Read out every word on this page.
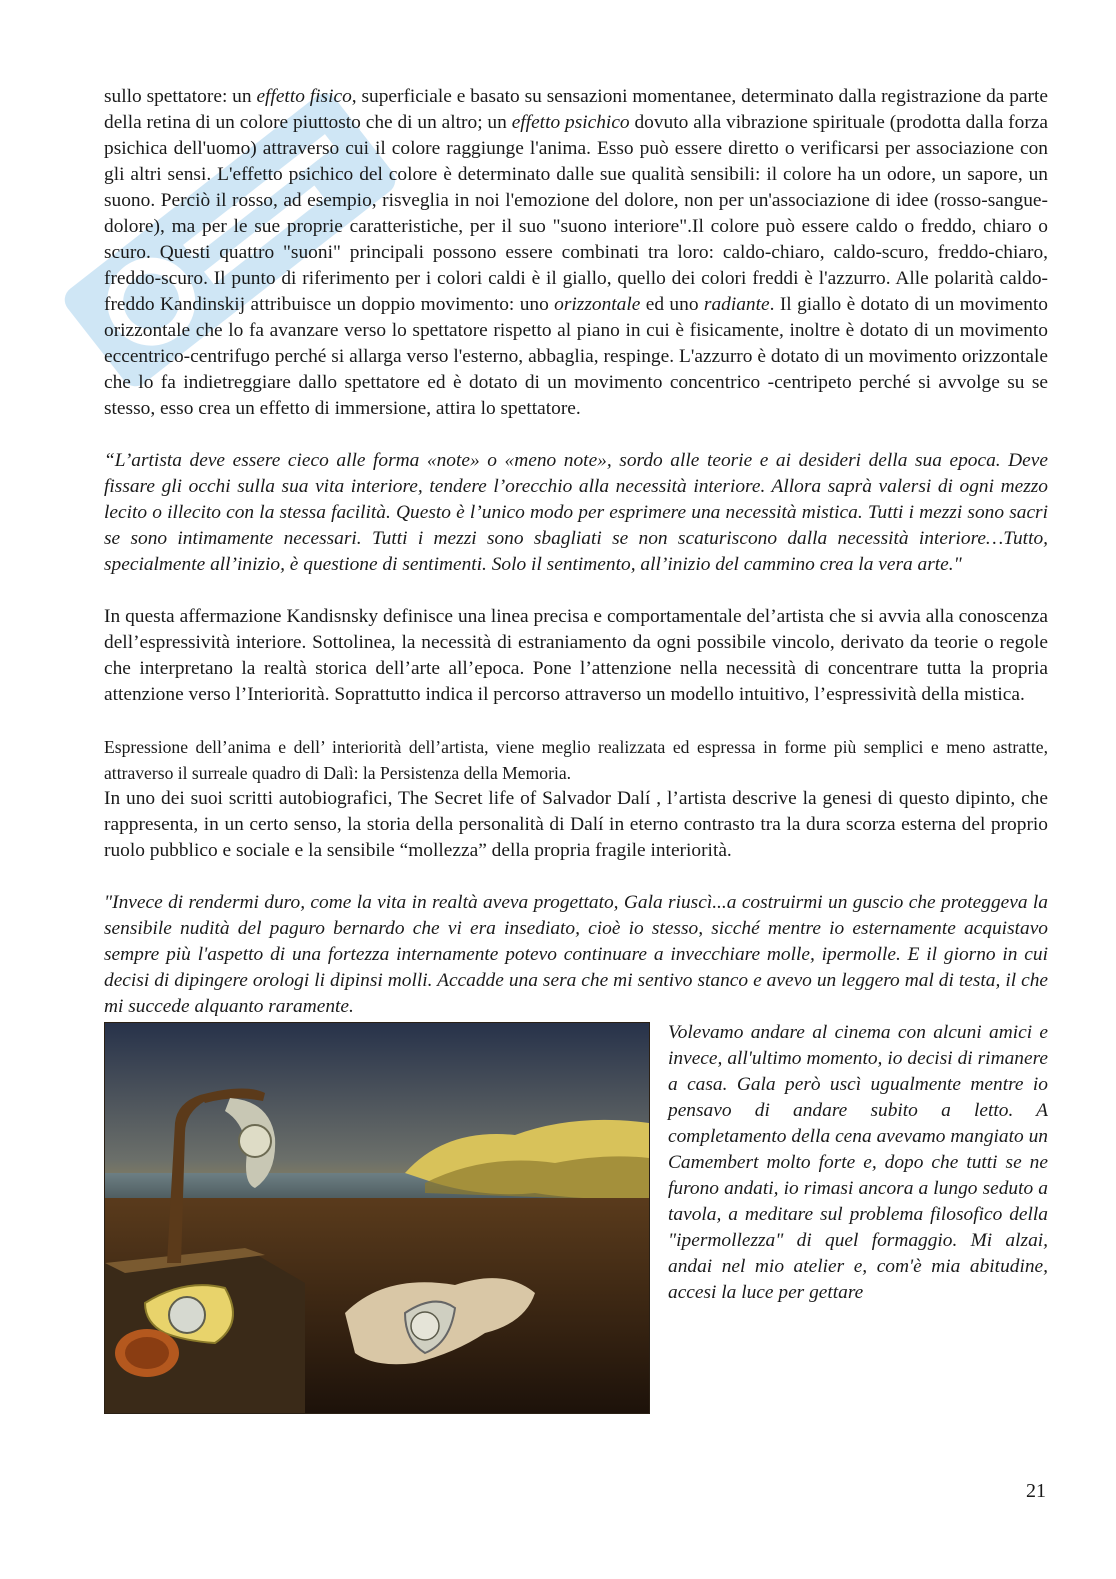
sullo spettatore: un effetto fisico, superficiale e basato su sensazioni momentanee, determinato dalla registrazione da parte della retina di un colore piuttosto che di un altro; un effetto psichico dovuto alla vibrazione spirituale (prodotta dalla forza psichica dell'uomo) attraverso cui il colore raggiunge l'anima. Esso può essere diretto o verificarsi per associazione con gli altri sensi. L'effetto psichico del colore è determinato dalle sue qualità sensibili: il colore ha un odore, un sapore, un suono. Perciò il rosso, ad esempio, risveglia in noi l'emozione del dolore, non per un'associazione di idee (rosso-sangue-dolore), ma per le sue proprie caratteristiche, per il suo "suono interiore".Il colore può essere caldo o freddo, chiaro o scuro. Questi quattro "suoni" principali possono essere combinati tra loro: caldo-chiaro, caldo-scuro, freddo-chiaro, freddo-scuro. Il punto di riferimento per i colori caldi è il giallo, quello dei colori freddi è l'azzurro. Alle polarità caldo-freddo Kandinskij attribuisce un doppio movimento: uno orizzontale ed uno radiante. Il giallo è dotato di un movimento orizzontale che lo fa avanzare verso lo spettatore rispetto al piano in cui è fisicamente, inoltre è dotato di un movimento eccentrico-centrifugo perché si allarga verso l'esterno, abbaglia, respinge. L'azzurro è dotato di un movimento orizzontale che lo fa indietreggiare dallo spettatore ed è dotato di un movimento concentrico -centripeto perché si avvolge su se stesso, esso crea un effetto di immersione, attira lo spettatore.

“L’artista deve essere cieco alle forma «note» o «meno note», sordo alle teorie e ai desideri della sua epoca. Deve fissare gli occhi sulla sua vita interiore, tendere l’orecchio alla necessità interiore. Allora saprà valersi di ogni mezzo lecito o illecito con la stessa facilità. Questo è l’unico modo per esprimere una necessità mistica. Tutti i mezzi sono sacri se sono intimamente necessari. Tutti i mezzi sono sbagliati se non scaturiscono dalla necessità interiore…Tutto, specialmente all’inizio, è questione di sentimenti. Solo il sentimento, all’inizio del cammino crea la vera arte."

In questa affermazione Kandisnsky definisce una linea precisa e comportamentale del’artista che si avvia alla conoscenza dell’espressività interiore. Sottolinea, la necessità di estraniamento da ogni possibile vincolo, derivato da teorie o regole che interpretano la realtà storica dell’arte all’epoca. Pone l’attenzione nella necessità di concentrare tutta la propria attenzione verso l’Interiorità. Soprattutto indica il percorso attraverso un modello intuitivo, l’espressività della mistica.

Espressione dell’anima e dell’ interiorità dell’artista, viene meglio realizzata ed espressa in forme più semplici e meno astratte, attraverso il surreale quadro di Dalì: la Persistenza della Memoria.

In uno dei suoi scritti autobiografici, The Secret life of Salvador Dalí , l’artista descrive la genesi di questo dipinto, che rappresenta, in un certo senso, la storia della personalità di Dalí in eterno contrasto tra la dura scorza esterna del proprio ruolo pubblico e sociale e la sensibile “mollezza” della propria fragile interiorità.

"Invece di rendermi duro, come la vita in realtà aveva progettato, Gala riuscì...a costruirmi un guscio che proteggeva la sensibile nudità del paguro bernardo che vi era insediato, cioè io stesso, sicché mentre io esternamente acquistavo sempre più l'aspetto di una fortezza internamente potevo continuare a invecchiare molle, ipermolle. E il giorno in cui decisi di dipingere orologi li dipinsi molli. Accadde una sera che mi sentivo stanco e avevo un leggero mal di testa, il che mi succede alquanto raramente.

Volevamo andare al cinema con alcuni amici e invece, all'ultimo momento, io decisi di rimanere a casa. Gala però uscì ugualmente mentre io pensavo di andare subito a letto. A completamento della cena avevamo mangiato un Camembert molto forte e, dopo che tutti se ne furono andati, io rimasi ancora a lungo seduto a tavola, a meditare sul problema filosofico della "ipermollezza" di quel formaggio. Mi alzai, andai nel mio atelier e, com'è mia abitudine, accesi la luce per gettare

21
